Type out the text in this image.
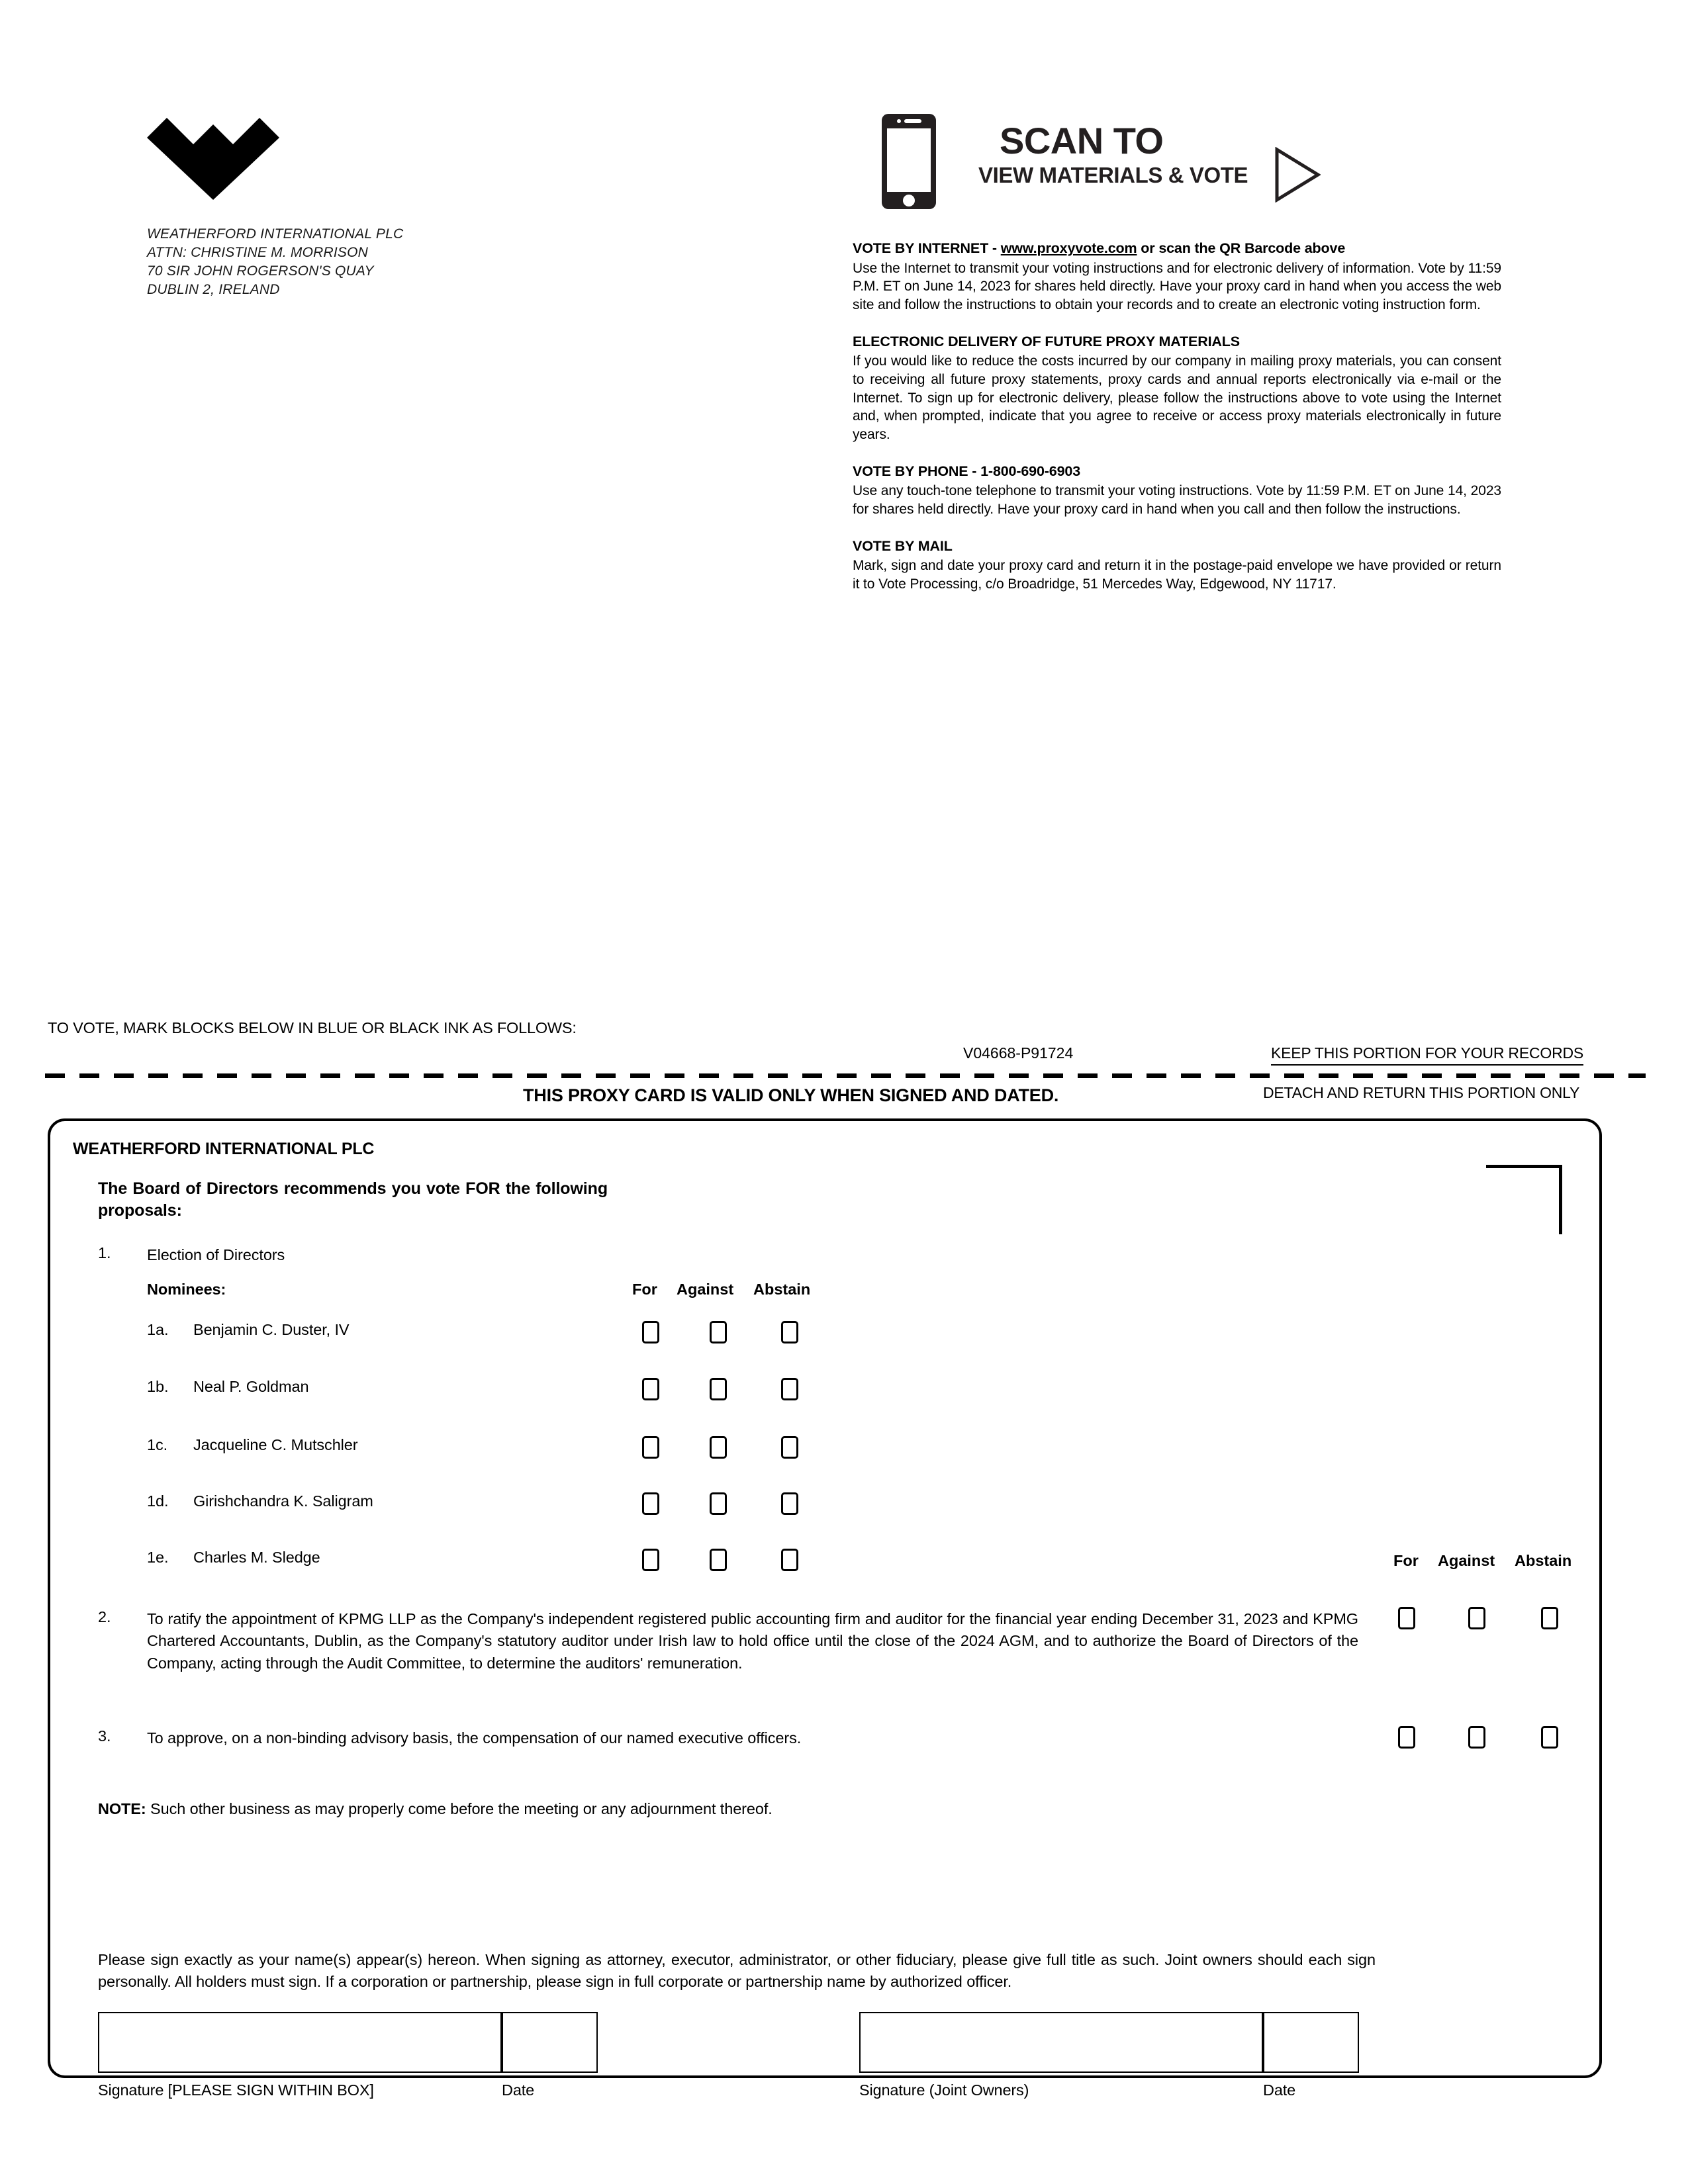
WEATHERFORD INTERNATIONAL PLC
ATTN: CHRISTINE M. MORRISON
70 SIR JOHN ROGERSON'S QUAY
DUBLIN 2, IRELAND
SCAN TO
VIEW MATERIALS & VOTE
VOTE BY INTERNET - www.proxyvote.com or scan the QR Barcode above

Use the Internet to transmit your voting instructions and for electronic delivery of information. Vote by 11:59 P.M. ET on June 14, 2023 for shares held directly. Have your proxy card in hand when you access the web site and follow the instructions to obtain your records and to create an electronic voting instruction form.

ELECTRONIC DELIVERY OF FUTURE PROXY MATERIALS

If you would like to reduce the costs incurred by our company in mailing proxy materials, you can consent to receiving all future proxy statements, proxy cards and annual reports electronically via e-mail or the Internet. To sign up for electronic delivery, please follow the instructions above to vote using the Internet and, when prompted, indicate that you agree to receive or access proxy materials electronically in future years.

VOTE BY PHONE - 1-800-690-6903

Use any touch-tone telephone to transmit your voting instructions. Vote by 11:59 P.M. ET on June 14, 2023 for shares held directly. Have your proxy card in hand when you call and then follow the instructions.

VOTE BY MAIL

Mark, sign and date your proxy card and return it in the postage-paid envelope we have provided or return it to Vote Processing, c/o Broadridge, 51 Mercedes Way, Edgewood, NY 11717.

TO VOTE, MARK BLOCKS BELOW IN BLUE OR BLACK INK AS FOLLOWS:
V04668-P91724	KEEP THIS PORTION FOR YOUR RECORDS
DETACH AND RETURN THIS PORTION ONLY
THIS PROXY CARD IS VALID ONLY WHEN SIGNED AND DATED.
WEATHERFORD INTERNATIONAL PLC
The Board of Directors recommends you vote FOR the following proposals:
1. Election of Directors
Nominees:	For Against Abstain
1a. Benjamin C. Duster, IV
1b. Neal P. Goldman
1c. Jacqueline C. Mutschler
1d. Girishchandra K. Saligram
1e. Charles M. Sledge	For Against Abstain
2. To ratify the appointment of KPMG LLP as the Company's independent registered public accounting firm and auditor for the financial year ending December 31, 2023 and KPMG Chartered Accountants, Dublin, as the Company's statutory auditor under Irish law to hold office until the close of the 2024 AGM, and to authorize the Board of Directors of the Company, acting through the Audit Committee, to determine the auditors' remuneration.
3. To approve, on a non-binding advisory basis, the compensation of our named executive officers.
NOTE: Such other business as may properly come before the meeting or any adjournment thereof.
Please sign exactly as your name(s) appear(s) hereon. When signing as attorney, executor, administrator, or other fiduciary, please give full title as such. Joint owners should each sign personally. All holders must sign. If a corporation or partnership, please sign in full corporate or partnership name by authorized officer.
Signature [PLEASE SIGN WITHIN BOX]	Date	Signature (Joint Owners)	Date
